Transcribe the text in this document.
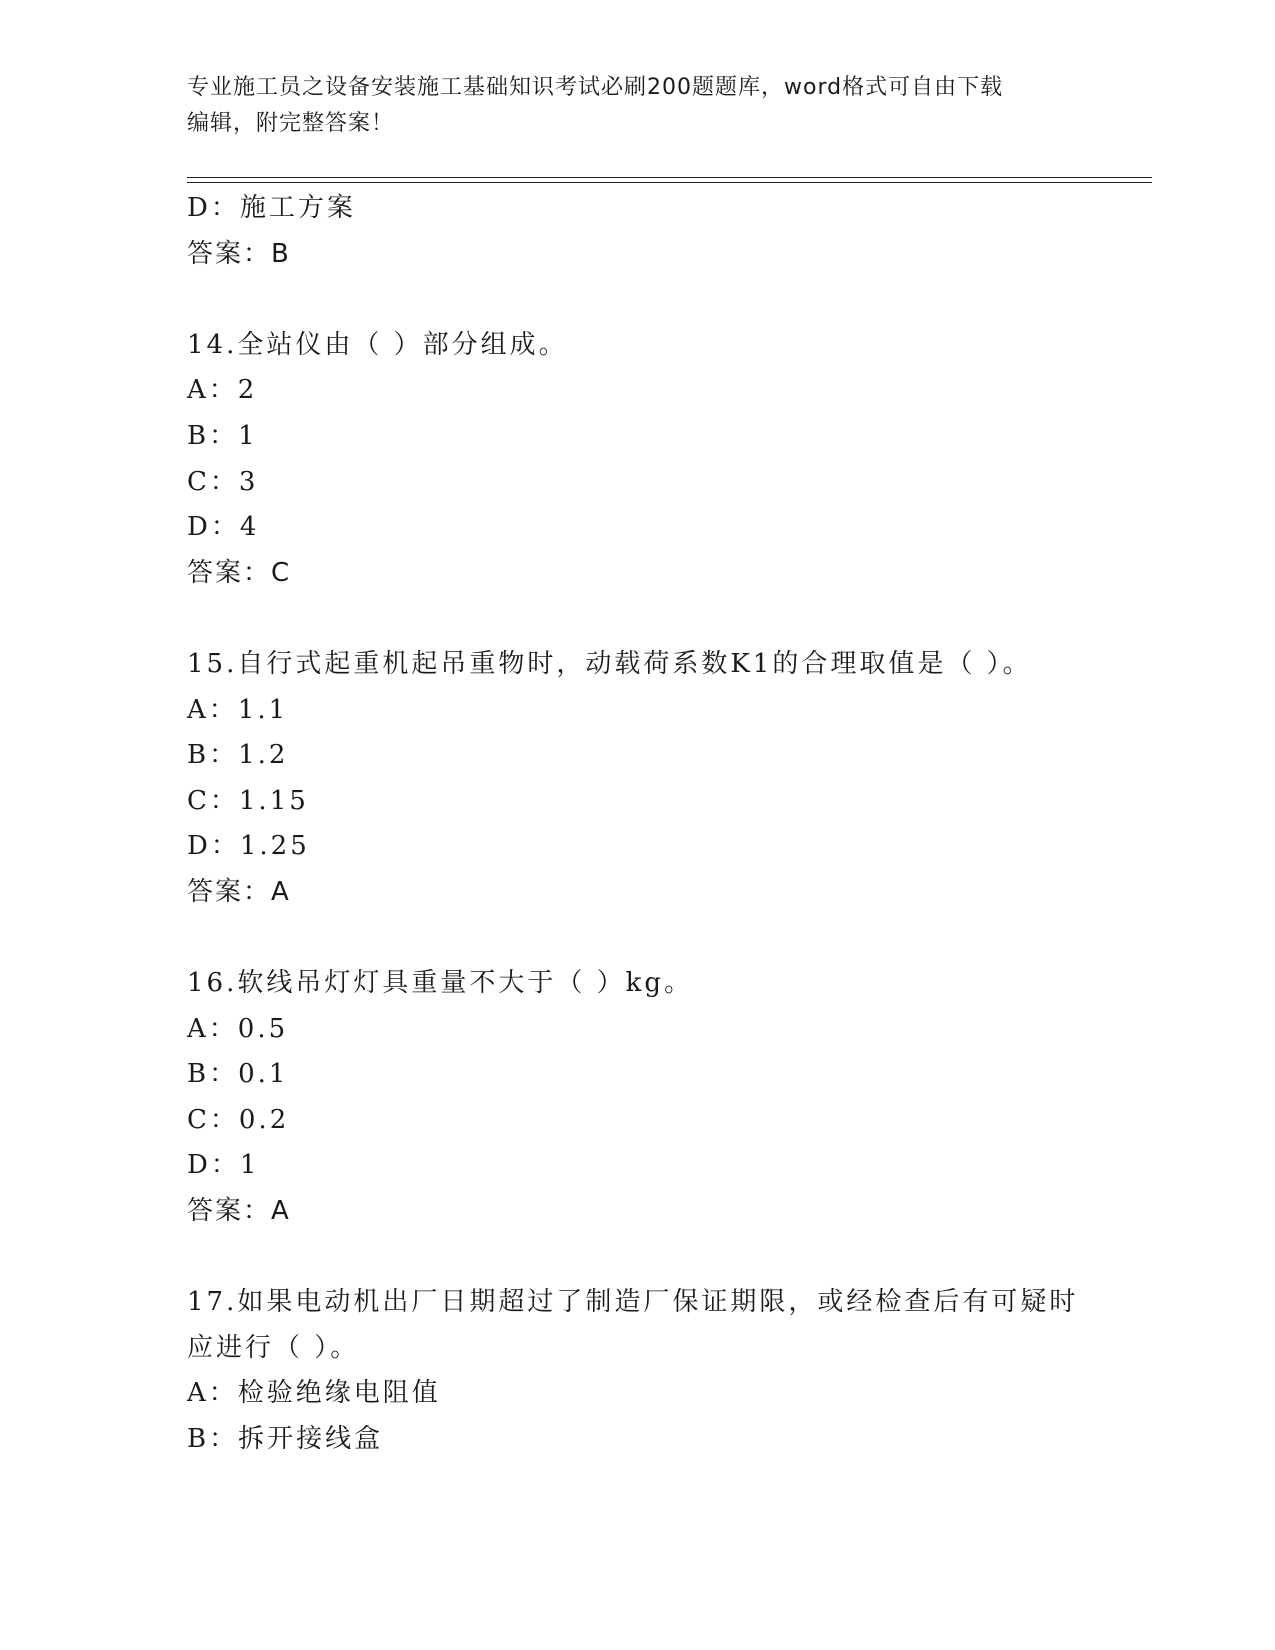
专业施工员之设备安装施工基础知识考试必刷200题题库，word格式可自由下载
编辑，附完整答案！
D：施工方案
答案：B
14.全站仪由（ ）部分组成。
A：2
B：1
C：3
D：4
答案：C
15.自行式起重机起吊重物时，动载荷系数K1的合理取值是（ ）。
A：1.1
B：1.2
C：1.15
D：1.25
答案：A
16.软线吊灯灯具重量不大于（ ）kg。
A：0.5
B：0.1
C：0.2
D：1
答案：A
17.如果电动机出厂日期超过了制造厂保证期限，或经检查后有可疑时
应进行（ ）。
A：检验绝缘电阻值
B：拆开接线盒
